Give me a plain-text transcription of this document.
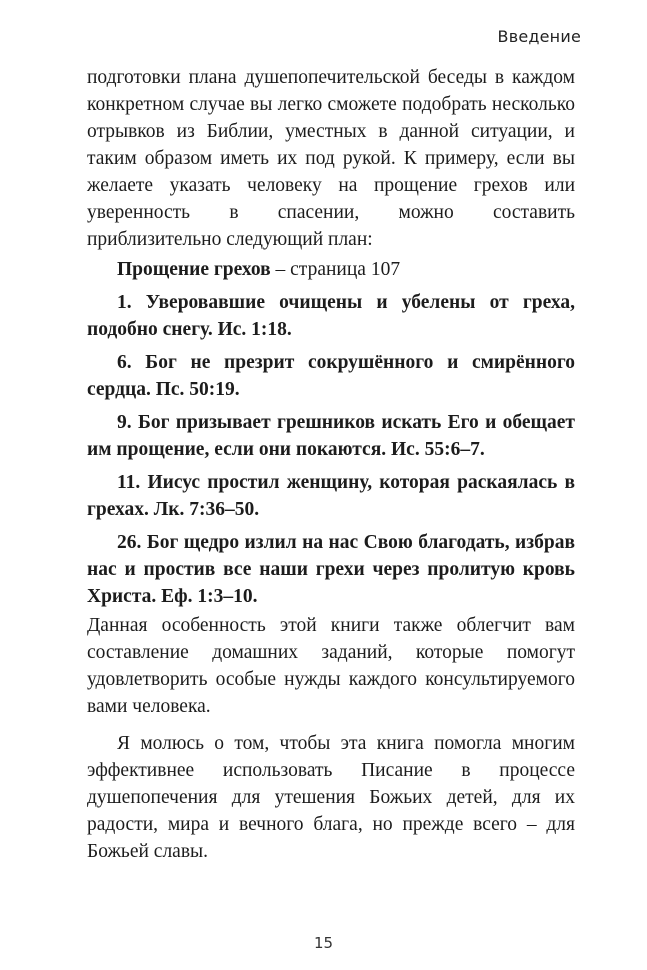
Введение

подготовки плана душепопечительской беседы в каждом конкретном случае вы легко сможете подобрать несколько отрывков из Библии, уместных в данной ситуации, и таким образом иметь их под рукой. К примеру, если вы желаете указать человеку на прощение грехов или уверенность в спасении, можно составить приблизительно следующий план:

Прощение грехов – страница 107

1. Уверовавшие очищены и убелены от греха, подобно снегу. Ис. 1:18.

6. Бог не презрит сокрушённого и смирённого сердца. Пс. 50:19.

9. Бог призывает грешников искать Его и обещает им прощение, если они покаются. Ис. 55:6–7.

11. Иисус простил женщину, которая раскаялась в грехах. Лк. 7:36–50.

26. Бог щедро излил на нас Свою благодать, избрав нас и простив все наши грехи через пролитую кровь Христа. Еф. 1:3–10.

Данная особенность этой книги также облегчит вам составление домашних заданий, которые помогут удовлетворить особые нужды каждого консультируемого вами человека.

Я молюсь о том, чтобы эта книга помогла многим эффективнее использовать Писание в процессе душепопечения для утешения Божьих детей, для их радости, мира и вечного блага, но прежде всего – для Божьей славы.

15
